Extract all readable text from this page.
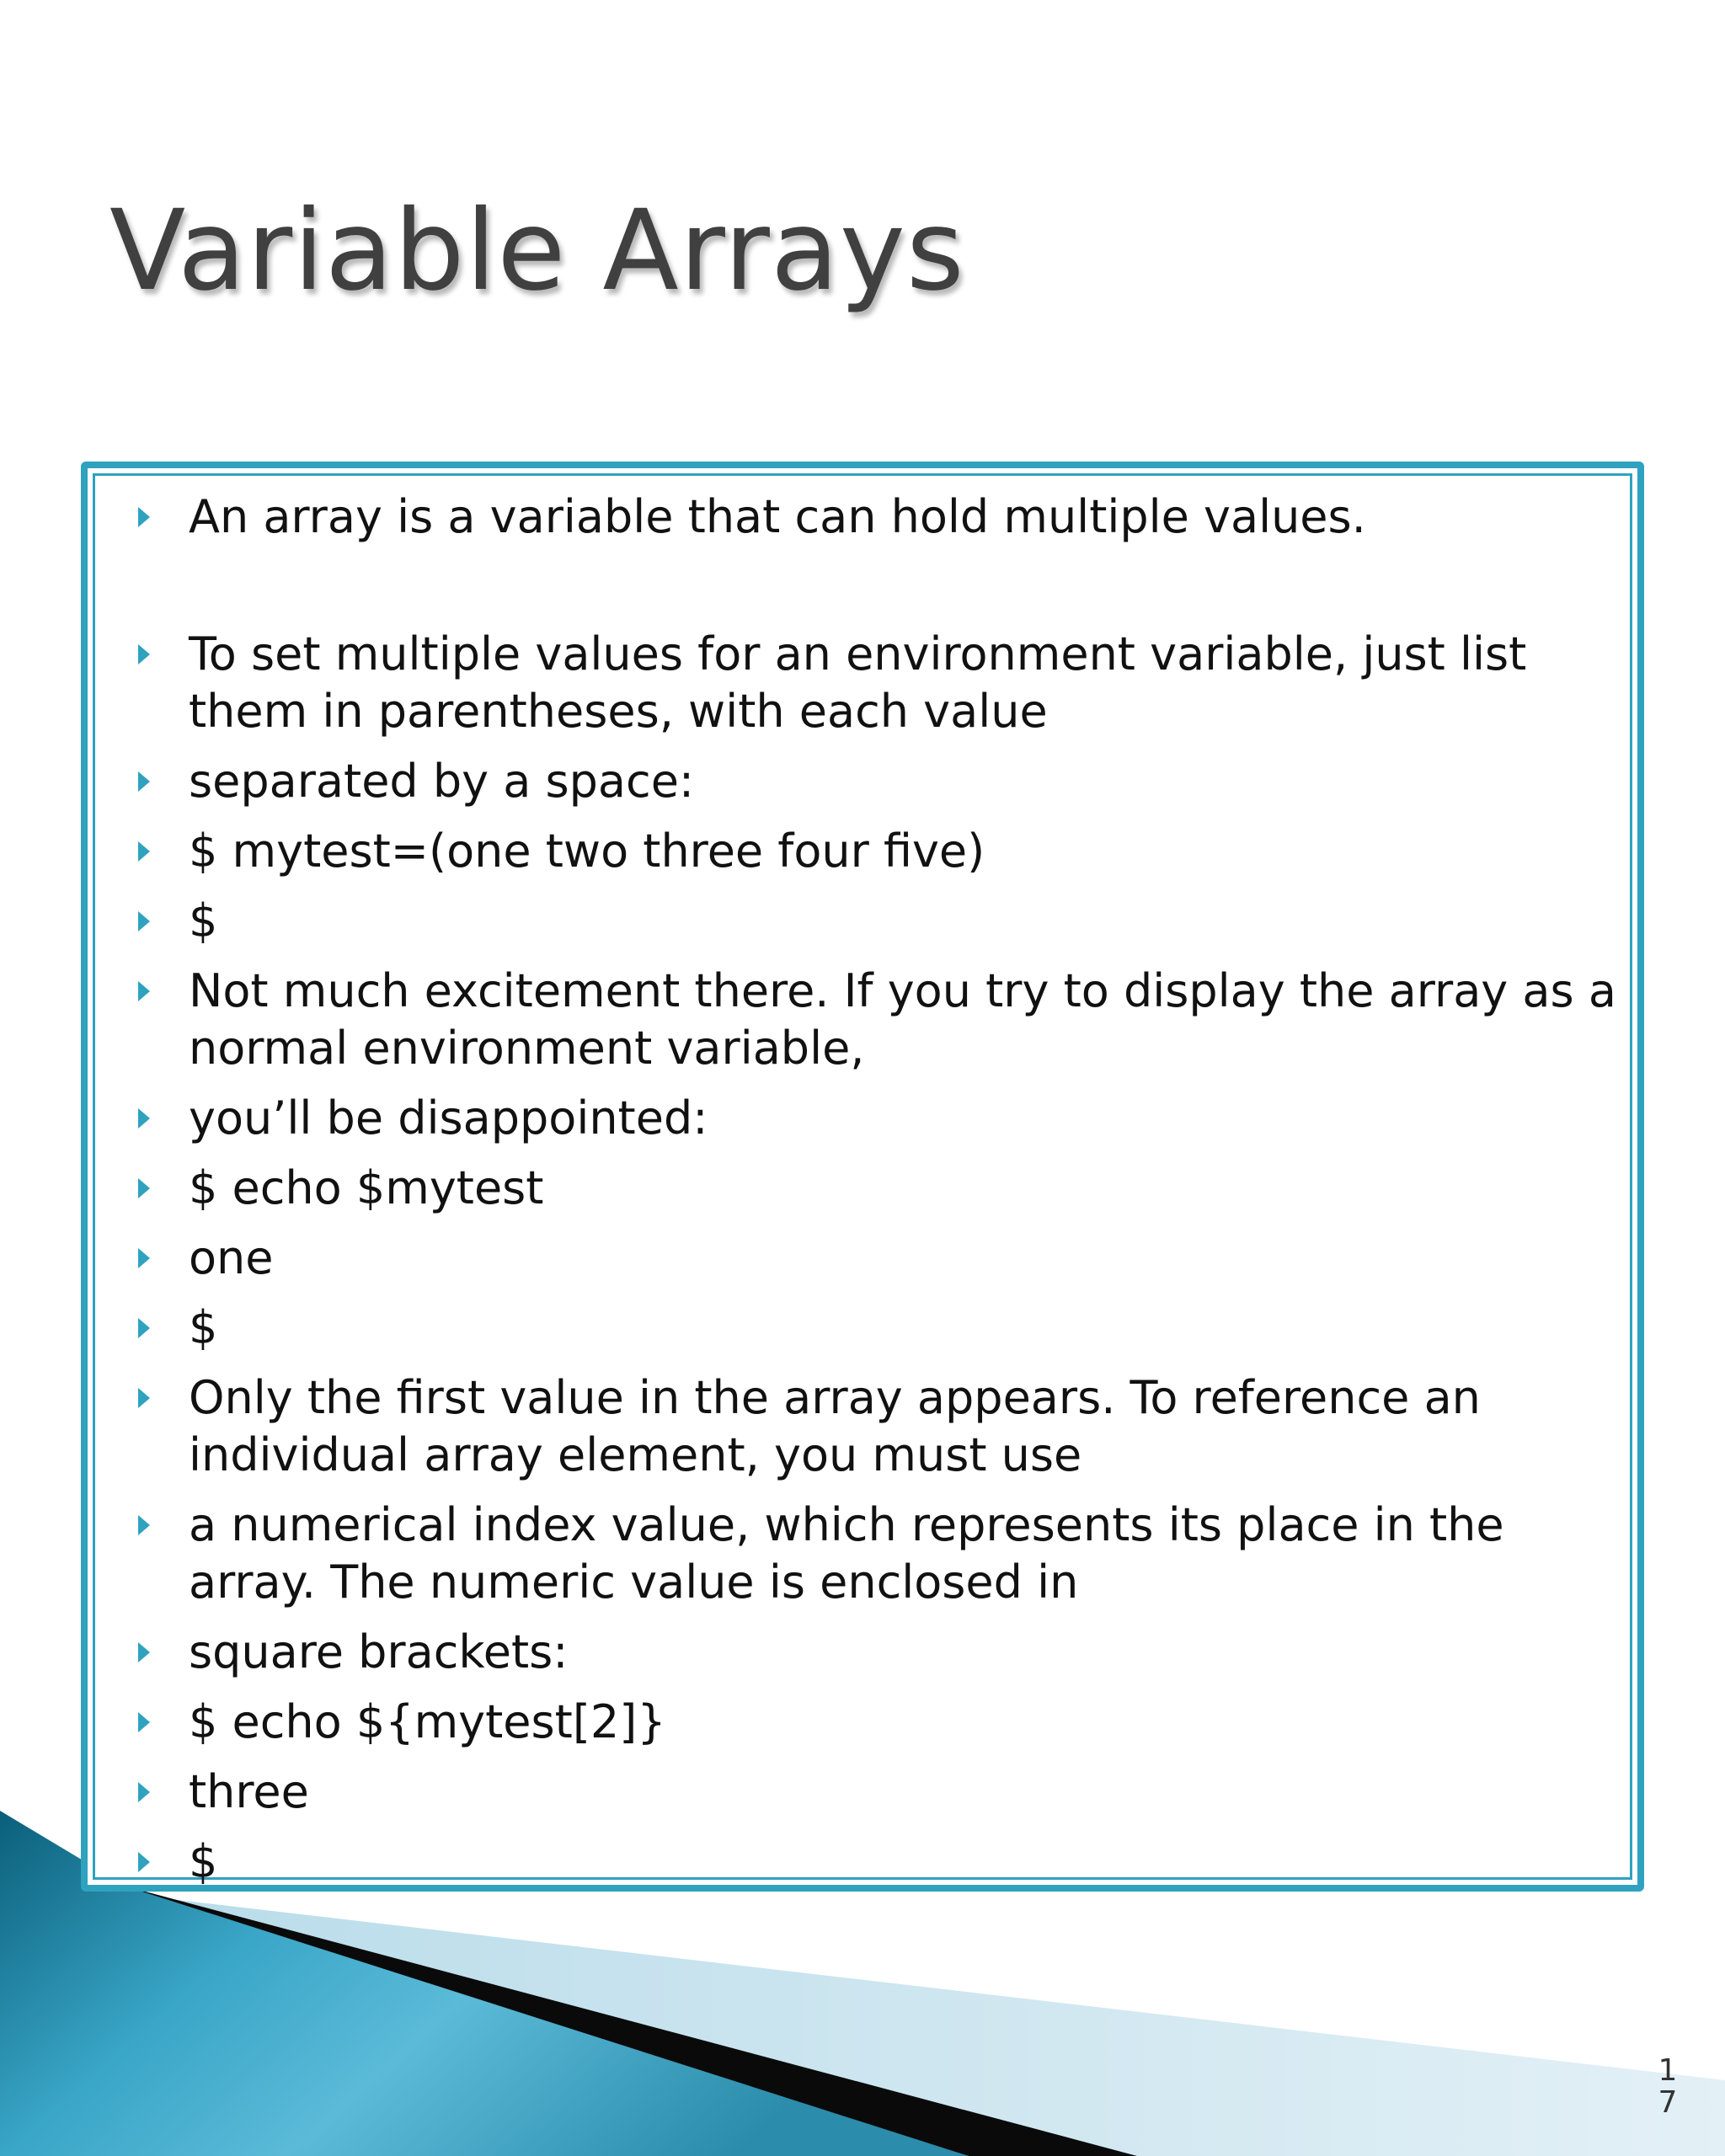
Variable Arrays
An array is a variable that can hold multiple values.
To set multiple values for an environment variable, just list them in parentheses, with each value
separated by a space:
$ mytest=(one two three four five)
$
Not much excitement there. If you try to display the array as a normal environment variable,
you’ll be disappointed:
$ echo $mytest
one
$
Only the first value in the array appears. To reference an individual array element, you must use
a numerical index value, which represents its place in the array. The numeric value is enclosed in
square brackets:
$ echo ${mytest[2]}
three
$
1
7
